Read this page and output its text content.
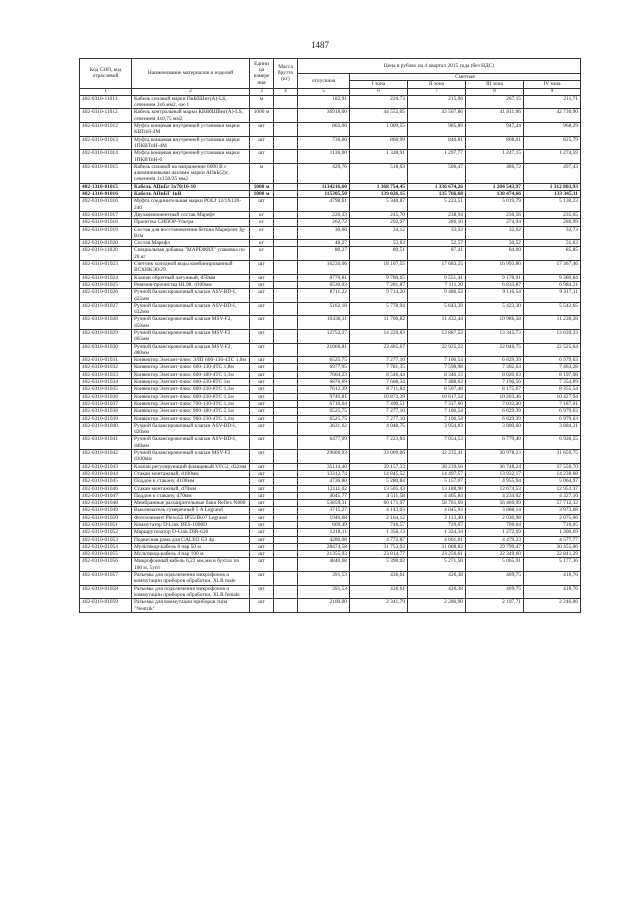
1487
Код СНП, код отраслевой	Наименование материалов и изделий	Едини ца измере ния	Масса брутто (кг)	Цена в рублях на 4 квартал 2015 года (без НДС)				
				отпускная	Сметная			
					I зона	II зона	III зона	IV зона
1	2	3	4	5	6	7	8	9
402-0310-11011	Кабель силовой марки ПвБбШнг(А)-LS, сечением 3х6 мм2, ож-1	м		182,91	220,73	215,96	207,15	211,71
402-0310-11012	Кабель контрольный марки КВВбШВнг(А)-LS, сечением 4х0,75 мм2	1000 м		36918,00	44 552,05	43 507,86	41 811,06	42 730,90
402-0310-01012	Муфта концевая внутренней установки марки КВТпН-4М	шт		863,00	1 009,55	985,89	947,44	968,29
402-0310-01013	Муфта концевая внутренней установки марки 1ПКВТпН-4М	шт		736,00	860,99	840,81	808,01	825,79
402-0310-01014	Муфта концевая внутренней установки марки 1ПКВТпН-6	шт		1136,00	1 328,91	1 297,77	1 247,15	1 274,59
402-0310-01015	Кабель силовой на напряжение 6000 В с алюминиевыми жилами марки АПвБ(2)г, сечением 1х150/25 мм2	м		429,76	518,63	506,47	486,72	497,43
402-1310-01015	Кабель АПвБг 3х70/16-10	1000 м		1134216,60	1 368 754,45	1 336 674,26	1 284 543,97	1 312 803,93
402-1310-01016	Кабель АПвБГ 1кВ	1000 м		115305,50	139 026,15	135 766,68	130 474,66	133 345,11
402-0310-01016	Муфта соединительная марки POLJ 12/1Х120-240	шт		4798,61	5 348,87	5 223,51	5 019,79	5 130,23
402-0310-01017	Двухкомпонентный состав Марефт	кг		220,33	245,70	238,94	230,56	235,65
402-0310-01018	Пропитка СИПОР-Ультра	кг		262,72	292,97	286,10	274,94	280,99
402-0310-01019	Состав для восстановления бетона Марерлит Ig-Вгм	кг		30,60	34,12	33,32	32,02	32,73
402-0310-01020	Состав Марефл	кг		48,27	53,83	52,57	50,52	51,63
402-0310-11020	Специальная добавка "МАРЕФИЛ" упаковка по 20 кг	кг		80,27	89,51	87,41	84,00	85,85
402-0310-01023	Счетчик холодной воды комбинированный ВСХНКЭ0/29	шт		16230,06	18 107,55	17 683,25	16 993,80	17 367,46
402-0310-01024	Клапан обратный латунный, d50мм	шт		8770,81	9 780,65	9 551,41	9 178,91	9 380,84
402-0310-01025	Ревизия-прочистка HL98, d100мм	шт		6530,03	7 281,87	7 111,20	6 833,87	6 984,21
402-0310-01026	Ручной балансировочный клапан ASV-BD-I, d25мм	шт		8711,22	9 714,20	9 486,52	9 116,54	9 317,11
402-0310-01027	Ручной балансировочный клапан ASV-BD-I, d32мм	шт		5162,18	5 778,94	5 643,39	5 423,30	5 542,65
402-0310-01028	Ручной балансировочный клапан MSV-F2, d50мм	шт		10436,11	11 706,82	11 432,44	10 986,58	11 228,28
402-0310-01029	Ручной балансировочный клапан MSV-F2, d65мм	шт		12752,37	14 220,83	13 887,53	13 345,73	13 639,33
402-0310-01030	Ручной балансировочный клапан MSV-F2, d80мм	шт		21060,81	23 485,67	22 935,22	22 040,75	22 525,64
402-0310-01031	Конвектор Элегант-плюс ЭЛП 600-130-4ТС 1,0м	шт		6525,75	7 277,10	7 106,54	6 829,39	6 979,63
402-0310-01032	Конвектор Элегант-плюс 600-130-4ТС 1,8м	шт		6977,95	7 781,35	7 598,98	7 302,63	7 463,28
402-0310-01033	Конвектор Элегант-плюс 600-180-4ТС 1,3м	шт		7664,23	8 546,44	8 346,13	8 020,63	8 197,08
402-0310-01034	Конвектор Элегант-плюс 600-230-8ТС 1м	шт		6876,69	7 668,34	7 488,62	7 196,56	7 354,89
402-0310-01035	Конвектор Элегант-плюс 600-230-8ТС 1,3м	шт		7612,39	8 711,84	8 507,46	8 175,67	8 355,54
402-0310-01036	Конвектор Элегант-плюс 600-230-8ТС 1,5м	шт		9749,81	10 872,39	10 617,54	10 203,46	10 427,94
402-0310-01037	Конвектор Элегант-плюс 700-130-4ТС 1,1м	шт		6716,64	7 490,51	7 317,60	7 032,30	7 187,01
402-0310-01038	Конвектор Элегант-плюс 900-180-4ТС 2,1м	шт		6525,75	7 277,10	7 106,54	6 829,39	6 979,63
402-0310-01039	Конвектор Элегант-плюс 900-230-4ТС 1,1м	шт		6525,75	7 277,10	7 106,54	6 829,39	6 979,63
402-0310-01040	Ручной балансировочный клапан ASV-BD-I, d20мм	шт		3631,62	4 048,75	3 954,83	3 800,60	3 884,21
402-0310-01041	Ручной балансировочный клапан ASV-BD-I, d40мм	шт		6477,99	7 223,84	7 054,53	6 779,40	6 928,55
402-0310-01042	Ручной балансировочный клапан MSV-F2, d100мм	шт		29600,93	33 009,06	32 235,41	30 978,23	31 659,75
402-0310-01043	Клапан регулирующий фланцевый VFG2, d32мм	шт		35114,40	39 157,33	38 239,56	36 748,24	37 556,70
402-0310-01044	Стакан монтажный, d100мм	шт		13312,74	14 845,52	14 497,57	13 932,17	14 238,68
402-0310-01045	Поддон к стакану, d100мм	шт		4736,80	5 280,84	5 157,07	4 955,94	5 064,97
402-0310-01046	Стакан монтажный, d70мм	шт		12111,02	13 505,43	13 188,90	12 674,53	12 953,37
402-0310-01047	Поддон к стакану, d70мм	шт		4045,77	4 511,58	4 405,84	4 234,02	4 327,16
402-0310-01048	Мембранные расширительные баки Reflex N800	шт		53859,31	60 171,97	58 761,69	56 469,99	57 712,32
402-0310-01049	Выключатель сумеречный 5 A Legrand	шт		3715,27	4 143,03	4 045,93	3 888,14	3 973,68
402-0310-01050	Фотоэлемент Plexo55 IP55/IK07 Legrand	шт		1940,68	2 164,12	2 113,40	2 030,98	2 075,66
402-0310-01051	Коммутатор D-Link DES-1008D	шт		669,49	746,57	729,07	700,64	716,05
402-0310-01052	Маршрутизатор D-Link DIR-620	шт		1218,11	1 358,13	1 324,34	1 272,69	1 300,69
402-0310-01053	Подвесная рама для GALEO G3 4р	шт		4280,08	4 772,87	4 661,01	4 479,23	4 577,77
402-0310-01054	Мультикор-кабель 8 пар 50 м	шт		28474,58	31 753,03	31 008,82	29 799,47	30 455,06
402-0310-01055	Мультикор-кабель 4 пар 100 м	шт		21355,93	23 814,77	23 256,61	22 349,60	22 841,29
402-0310-01056	Микрофонный кабель 6,22 мм,мм в бухтах по 100 м, 5упт	шт		4840,68	5 398,02	5 271,50	5 065,91	5 177,36
402-0310-01057	Разъемы для подключения микрофонов и коммутации приборов обработки, XLR male	шт		391,53	436,61	426,38	409,75	418,76
402-0310-01058	Разъемы для подключения микрофонов и коммутации приборов обработки, XLR female	шт		391,53	436,61	426,38	409,75	418,76
402-0310-01059	Разъемы для коммутации приборов типа "Neutrik"	шт		2100,00	2 341,79	2 286,90	2 197,71	2 246,06
